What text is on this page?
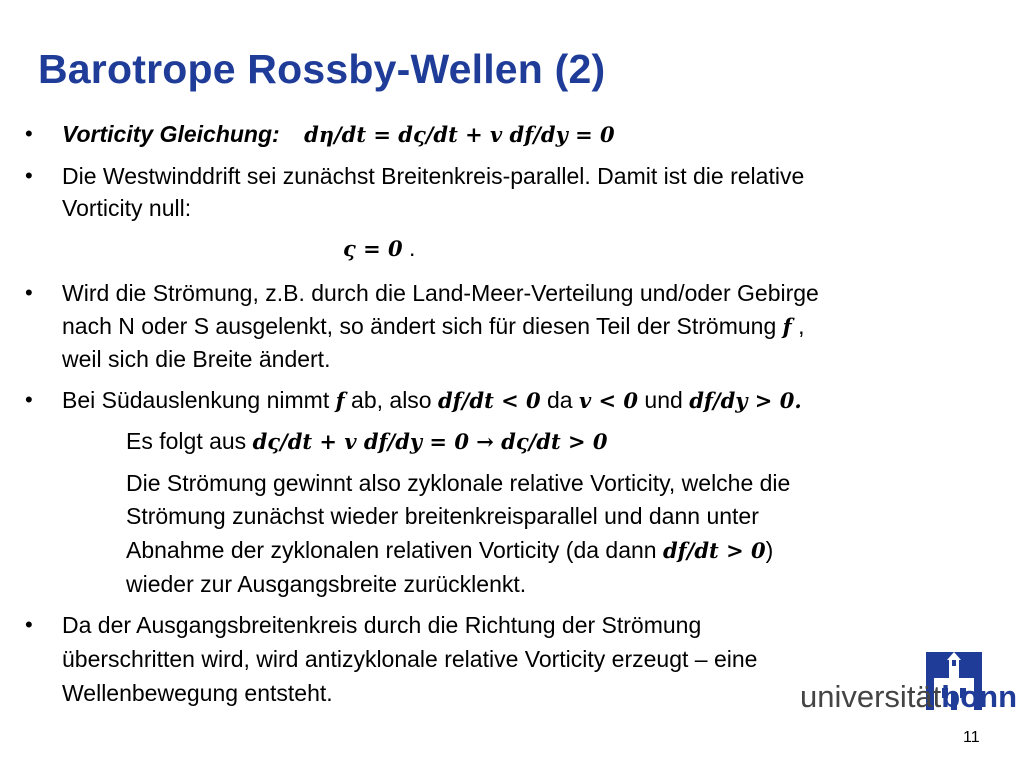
Barotrope Rossby-Wellen (2)
• Vorticity Gleichung: dη/dt = dς/dt + v df/dy = 0
• Die Westwinddrift sei zunächst Breitenkreis-parallel. Damit ist die relative
Vorticity null:
ς = 0 .
• Wird die Strömung, z.B. durch die Land-Meer-Verteilung und/oder Gebirge
nach N oder S ausgelenkt, so ändert sich für diesen Teil der Strömung f ,
weil sich die Breite ändert.
• Bei Südauslenkung nimmt f ab, also df/dt < 0 da v < 0 und df/dy > 0.
Es folgt aus dς/dt + v df/dy = 0 → dς/dt > 0
Die Strömung gewinnt also zyklonale relative Vorticity, welche die
Strömung zunächst wieder breitenkreisparallel und dann unter
Abnahme der zyklonalen relativen Vorticity (da dann df/dt > 0)
wieder zur Ausgangsbreite zurücklenkt.
• Da der Ausgangsbreitenkreis durch die Richtung der Strömung
überschritten wird, wird antizyklonale relative Vorticity erzeugt – eine
Wellenbewegung entsteht.	universitätbonn
11
